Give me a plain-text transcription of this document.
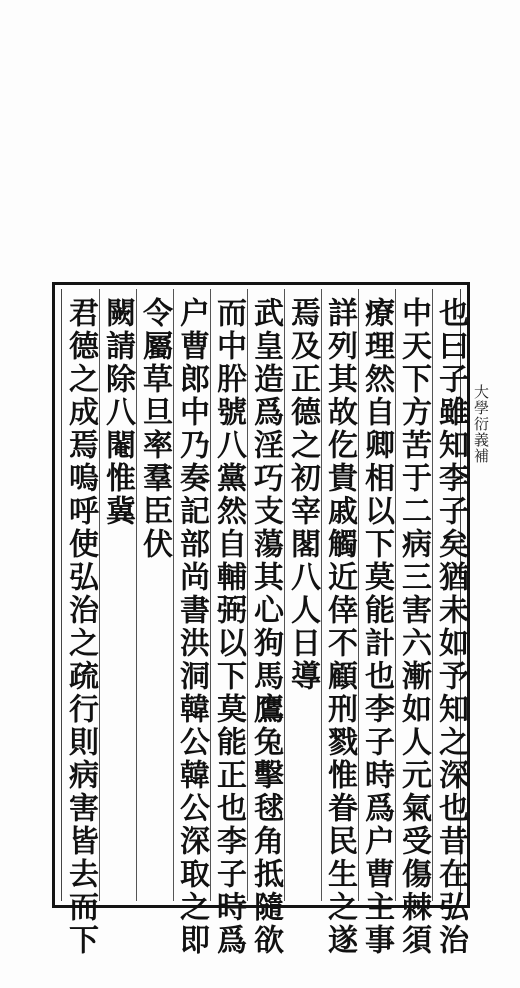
大學衍義補
也曰子雖知李子矣猶未如予知之深也昔在弘治
中天下方苦于二病三害六漸如人元氣受傷棘須
療理然自卿相以下莫能計也李子時爲户曹主事
詳列其故仡貴戚觸近倖不顧刑戮惟眷民生之遂
焉及正德之初宰閣八人日導
武皇造爲淫巧支蕩其心狗馬鷹兔擊毬角抵隨欲
而中肸號八黨然自輔弼以下莫能正也李子時爲
户曹郎中乃奏記部尚書洪洞韓公韓公深取之即
令屬草旦率羣臣伏
闕請除八閹惟冀
君德之成焉嗚呼使弘治之疏行則病害皆去而下
